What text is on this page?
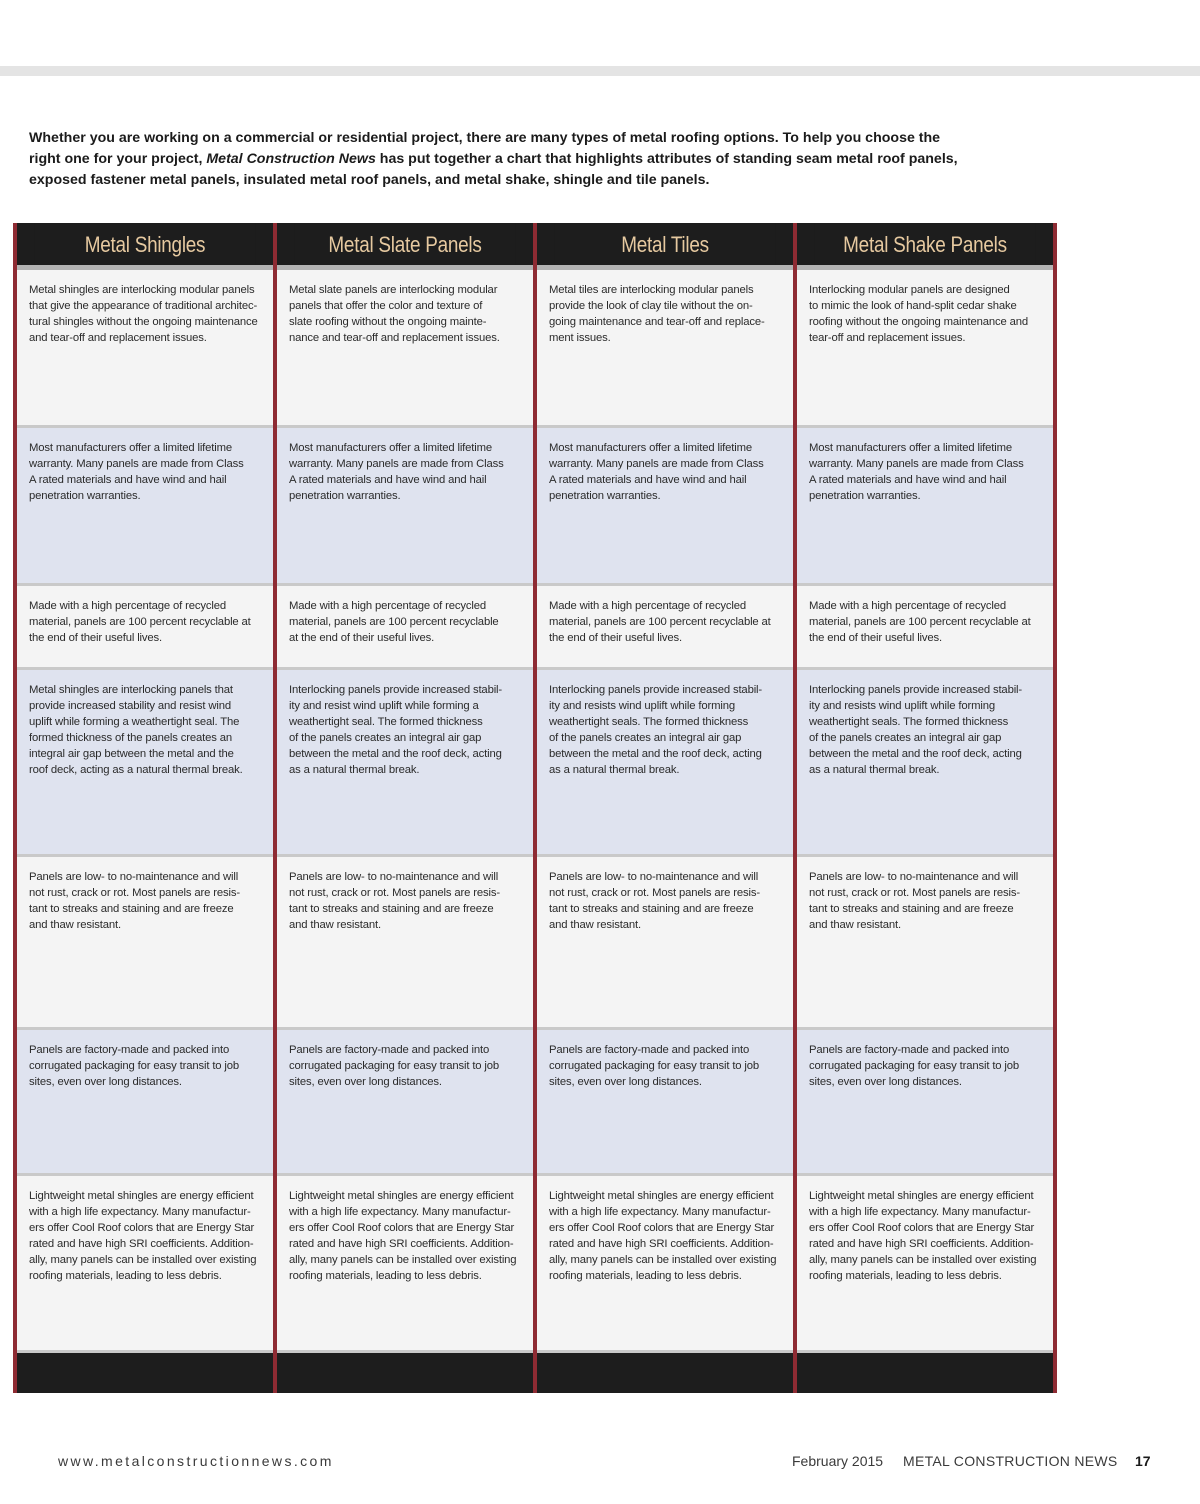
Whether you are working on a commercial or residential project, there are many types of metal roofing options. To help you choose the right one for your project, Metal Construction News has put together a chart that highlights attributes of standing seam metal roof panels, exposed fastener metal panels, insulated metal roof panels, and metal shake, shingle and tile panels.

Metal Shingles
Metal shingles are interlocking modular panels
that give the appearance of traditional architec-
tural shingles without the ongoing maintenance
and tear-off and replacement issues.
Most manufacturers offer a limited lifetime
warranty. Many panels are made from Class
A rated materials and have wind and hail
penetration warranties.
Made with a high percentage of recycled
material, panels are 100 percent recyclable at
the end of their useful lives.
Metal shingles are interlocking panels that
provide increased stability and resist wind
uplift while forming a weathertight seal. The
formed thickness of the panels creates an
integral air gap between the metal and the
roof deck, acting as a natural thermal break.
Panels are low- to no-maintenance and will
not rust, crack or rot. Most panels are resis-
tant to streaks and staining and are freeze
and thaw resistant.
Panels are factory-made and packed into
corrugated packaging for easy transit to job
sites, even over long distances.
Lightweight metal shingles are energy efficient
with a high life expectancy. Many manufactur-
ers offer Cool Roof colors that are Energy Star
rated and have high SRI coefficients. Addition-
ally, many panels can be installed over existing
roofing materials, leading to less debris.
Metal Slate Panels
Metal slate panels are interlocking modular
panels that offer the color and texture of
slate roofing without the ongoing mainte-
nance and tear-off and replacement issues.
Most manufacturers offer a limited lifetime
warranty. Many panels are made from Class
A rated materials and have wind and hail
penetration warranties.
Made with a high percentage of recycled
material, panels are 100 percent recyclable
at the end of their useful lives.
Interlocking panels provide increased stabil-
ity and resist wind uplift while forming a
weathertight seal. The formed thickness
of the panels creates an integral air gap
between the metal and the roof deck, acting
as a natural thermal break.
Panels are low- to no-maintenance and will
not rust, crack or rot. Most panels are resis-
tant to streaks and staining and are freeze
and thaw resistant.
Panels are factory-made and packed into
corrugated packaging for easy transit to job
sites, even over long distances.
Lightweight metal shingles are energy efficient
with a high life expectancy. Many manufactur-
ers offer Cool Roof colors that are Energy Star
rated and have high SRI coefficients. Addition-
ally, many panels can be installed over existing
roofing materials, leading to less debris.
Metal Tiles
Metal tiles are interlocking modular panels
provide the look of clay tile without the on-
going maintenance and tear-off and replace-
ment issues.
Most manufacturers offer a limited lifetime
warranty. Many panels are made from Class
A rated materials and have wind and hail
penetration warranties.
Made with a high percentage of recycled
material, panels are 100 percent recyclable at
the end of their useful lives.
Interlocking panels provide increased stabil-
ity and resists wind uplift while forming
weathertight seals. The formed thickness
of the panels creates an integral air gap
between the metal and the roof deck, acting
as a natural thermal break.
Panels are low- to no-maintenance and will
not rust, crack or rot. Most panels are resis-
tant to streaks and staining and are freeze
and thaw resistant.
Panels are factory-made and packed into
corrugated packaging for easy transit to job
sites, even over long distances.
Lightweight metal shingles are energy efficient
with a high life expectancy. Many manufactur-
ers offer Cool Roof colors that are Energy Star
rated and have high SRI coefficients. Addition-
ally, many panels can be installed over existing
roofing materials, leading to less debris.
Metal Shake Panels
Interlocking modular panels are designed
to mimic the look of hand-split cedar shake
roofing without the ongoing maintenance and
tear-off and replacement issues.
Most manufacturers offer a limited lifetime
warranty. Many panels are made from Class
A rated materials and have wind and hail
penetration warranties.
Made with a high percentage of recycled
material, panels are 100 percent recyclable at
the end of their useful lives.
Interlocking panels provide increased stabil-
ity and resists wind uplift while forming
weathertight seals. The formed thickness
of the panels creates an integral air gap
between the metal and the roof deck, acting
as a natural thermal break.
Panels are low- to no-maintenance and will
not rust, crack or rot. Most panels are resis-
tant to streaks and staining and are freeze
and thaw resistant.
Panels are factory-made and packed into
corrugated packaging for easy transit to job
sites, even over long distances.
Lightweight metal shingles are energy efficient
with a high life expectancy. Many manufactur-
ers offer Cool Roof colors that are Energy Star
rated and have high SRI coefficients. Addition-
ally, many panels can be installed over existing
roofing materials, leading to less debris.
www.metalconstructionnews.com	February 2015 METAL CONSTRUCTION NEWS 17
